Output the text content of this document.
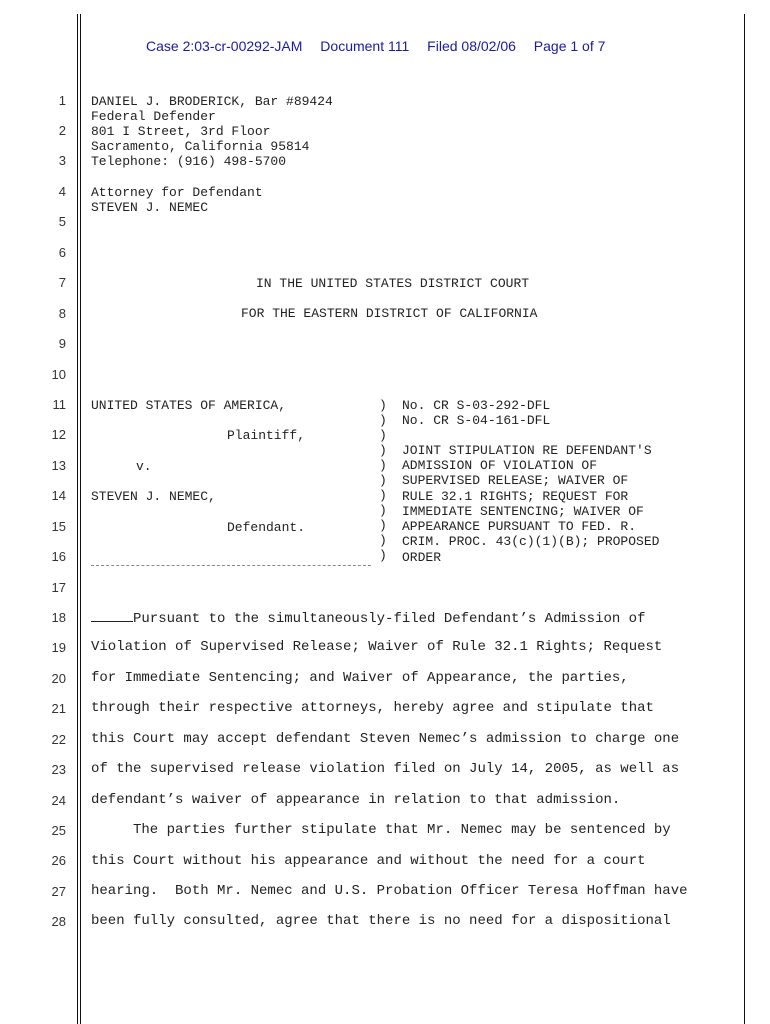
Case 2:03-cr-00292-JAM Document 111 Filed 08/02/06 Page 1 of 7
1
2
3
4
5
6
7
8
9
10
11
12
13
14
15
16
17
18
19
20
21
22
23
24
25
26
27
28
DANIEL J. BRODERICK, Bar #89424
Federal Defender
801 I Street, 3rd Floor
Sacramento, California 95814
Telephone: (916) 498-5700
Attorney for Defendant
STEVEN J. NEMEC
IN THE UNITED STATES DISTRICT COURT
FOR THE EASTERN DISTRICT OF CALIFORNIA
UNITED STATES OF AMERICA,
Plaintiff,
v.
STEVEN J. NEMEC,
Defendant.
)
)
)
)
)
)
)
)
)
)
)
No. CR S-03-292-DFL
No. CR S-04-161-DFL
JOINT STIPULATION RE DEFENDANT'S
ADMISSION OF VIOLATION OF
SUPERVISED RELEASE; WAIVER OF
RULE 32.1 RIGHTS; REQUEST FOR
IMMEDIATE SENTENCING; WAIVER OF
APPEARANCE PURSUANT TO FED. R.
CRIM. PROC. 43(c)(1)(B); PROPOSED
ORDER
Pursuant to the simultaneously-filed Defendant’s Admission of
Violation of Supervised Release; Waiver of Rule 32.1 Rights; Request
for Immediate Sentencing; and Waiver of Appearance, the parties,
through their respective attorneys, hereby agree and stipulate that
this Court may accept defendant Steven Nemec’s admission to charge one
of the supervised release violation filed on July 14, 2005, as well as
defendant’s waiver of appearance in relation to that admission.
The parties further stipulate that Mr. Nemec may be sentenced by
this Court without his appearance and without the need for a court
hearing.  Both Mr. Nemec and U.S. Probation Officer Teresa Hoffman have
been fully consulted, agree that there is no need for a dispositional
